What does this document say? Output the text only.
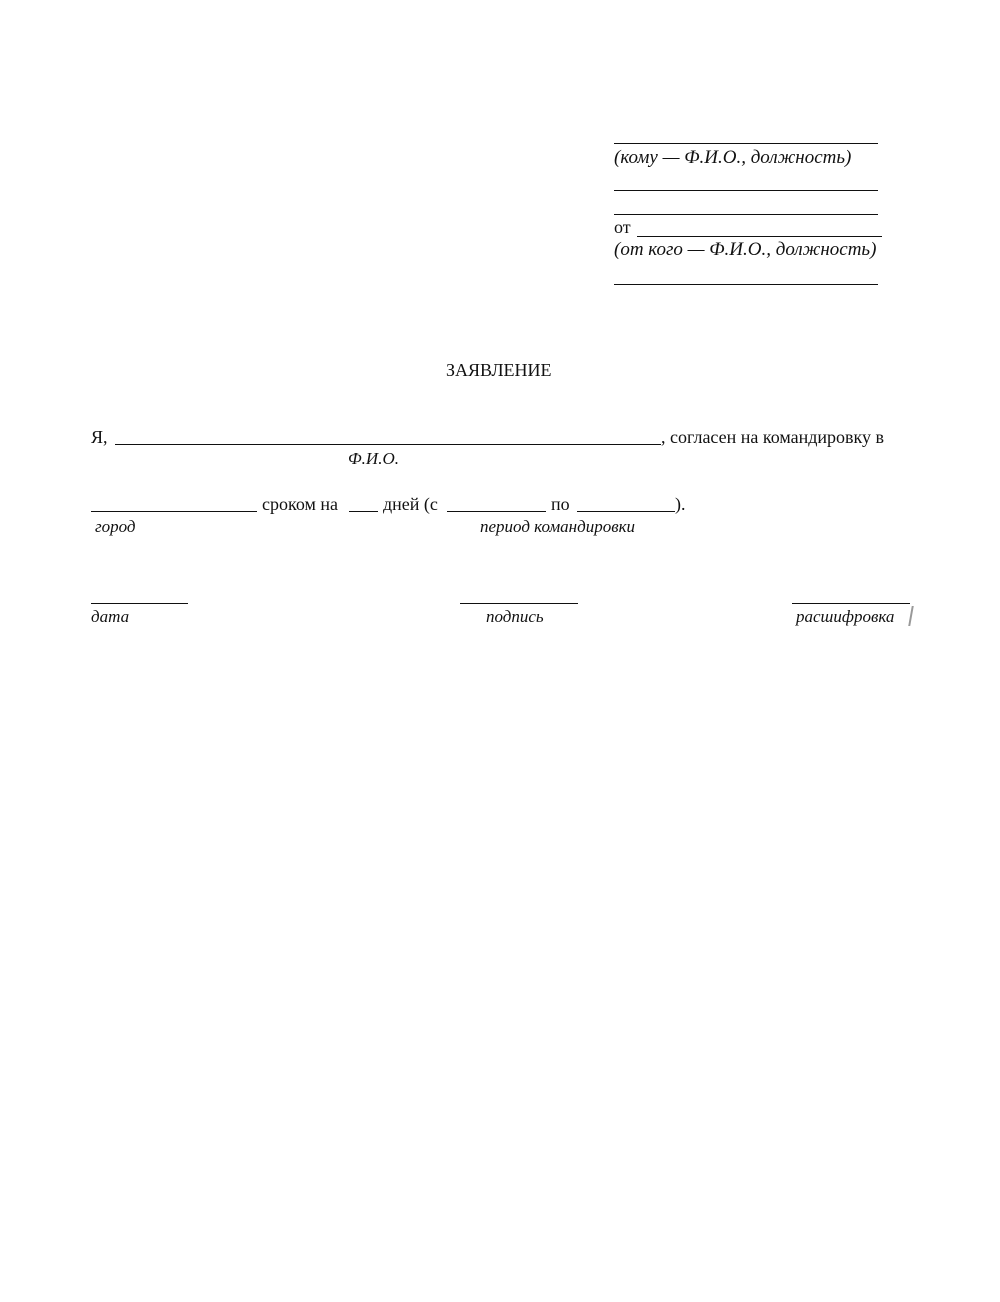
(кому — Ф.И.О., должность)
от
(от кого — Ф.И.О., должность)
ЗАЯВЛЕНИЕ
Я,	, согласен на командировку в
Ф.И.О.
сроком на	дней (с	по	).
город	период командировки
дата	подпись	расшифровка
